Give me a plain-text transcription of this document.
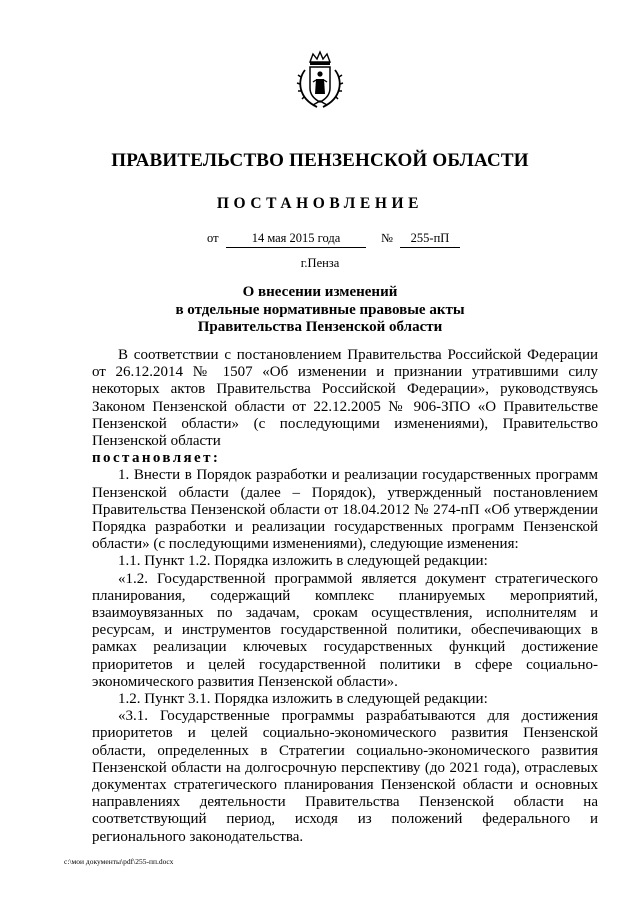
ПРАВИТЕЛЬСТВО ПЕНЗЕНСКОЙ ОБЛАСТИ
ПОСТАНОВЛЕНИЕ
от	14 мая 2015 года	№	255-пП
г.Пенза
О внесении изменений
в отдельные нормативные правовые акты
Правительства Пензенской области

В соответствии с постановлением Правительства Российской Федерации от 26.12.2014 № 1507 «Об изменении и признании утратившими силу некоторых актов Правительства Российской Федерации», руководствуясь Законом Пензенской области от 22.12.2005 № 906-ЗПО «О Правительстве Пензенской области» (с последующими изменениями), Правительство Пензенской области

постановляет:

1. Внести в Порядок разработки и реализации государственных программ Пензенской области (далее – Порядок), утвержденный постановлением Правительства Пензенской области от 18.04.2012 № 274-пП «Об утверждении Порядка разработки и реализации государственных программ Пензенской области» (с последующими изменениями), следующие изменения:

1.1. Пункт 1.2. Порядка изложить в следующей редакции:

«1.2. Государственной программой является документ стратегического планирования, содержащий комплекс планируемых мероприятий, взаимоувязанных по задачам, срокам осуществления, исполнителям и ресурсам, и инструментов государственной политики, обеспечивающих в рамках реализации ключевых государственных функций достижение приоритетов и целей государственной политики в сфере социально-экономического развития Пензенской области».

1.2. Пункт 3.1. Порядка изложить в следующей редакции:

«3.1. Государственные программы разрабатываются для достижения приоритетов и целей социально-экономического развития Пензенской области, определенных в Стратегии социально-экономического развития Пензенской области на долгосрочную перспективу (до 2021 года), отраслевых документах стратегического планирования Пензенской области и основных направлениях деятельности Правительства Пензенской области на соответствующий период, исходя из положений федерального и регионального законодательства.

c:\мои документы\pdf\255-пп.docx
